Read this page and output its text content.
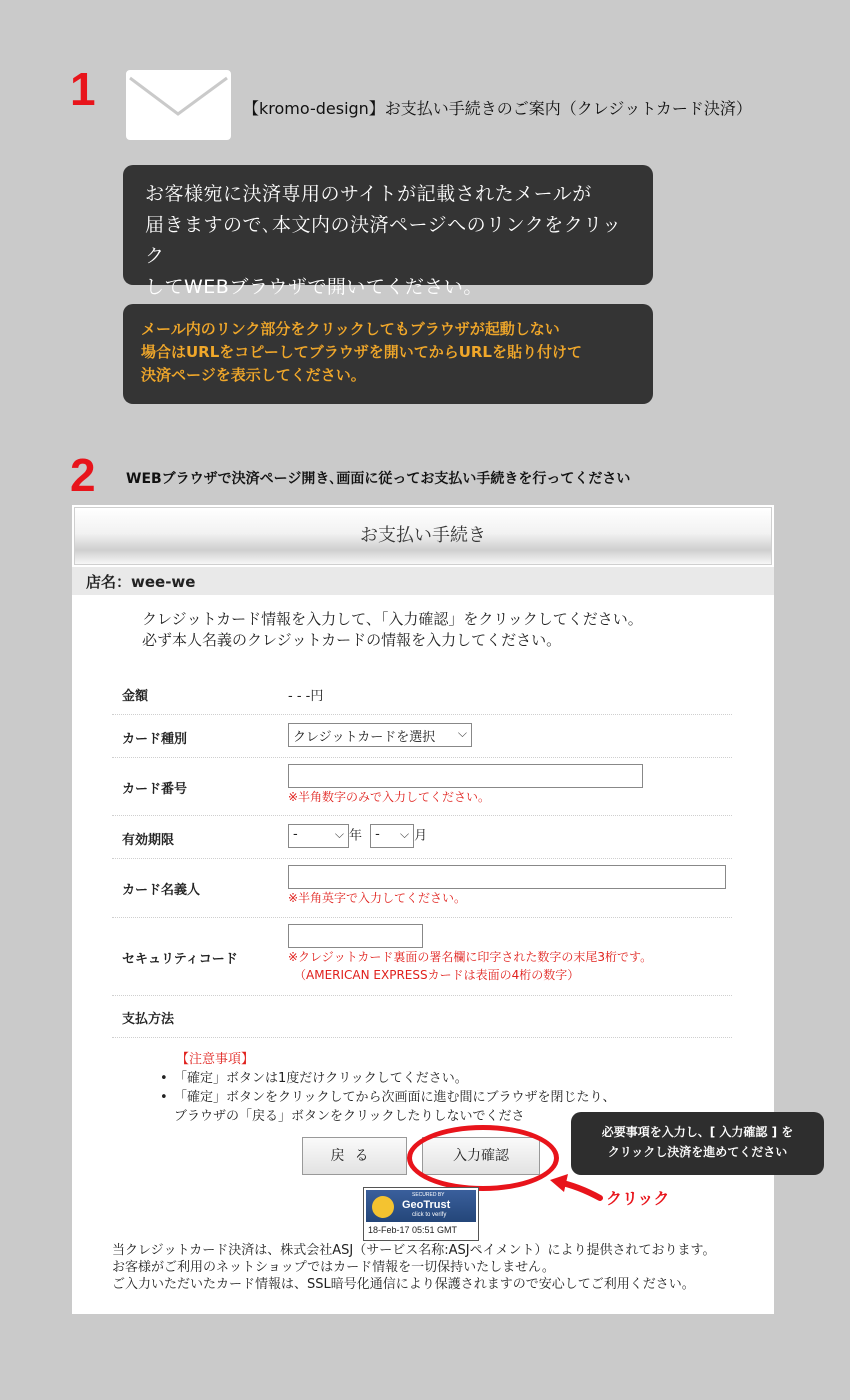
1	【kromo-design】お支払い手続きのご案内（クレジットカード決済）

お客様宛に決済専用のサイトが記載されたメールが

届きますので､本文内の決済ページへのリンクをクリック

してWEBブラウザで開いてください。

メール内のリンク部分をクリックしてもブラウザが起動しない

場合はURLをコピーしてブラウザを開いてからURLを貼り付けて

決済ページを表示してください。

2 WEBブラウザで決済ページ開き､画面に従ってお支払い手続きを行ってください
お支払い手続き
店名：wee-we
クレジットカード情報を入力して、「入力確認」をクリックしてください。
必ず本人名義のクレジットカードの情報を入力してください。
金額	- - -円
カード種別	クレジットカードを選択 ⌵
カード番号	※半角数字のみで入力してください。
有効期限	-	⌵ 年 - ⌵ 月
カード名義人	※半角英字で入力してください。
セキュリティコード	※クレジットカード裏面の署名欄に印字された数字の末尾3桁です。
（AMERICAN EXPRESSカードは表面の4桁の数字）
支払方法
【注意事項】
• 「確定」ボタンは1度だけクリックしてください。
• 「確定」ボタンをクリックしてから次画面に進む間にブラウザを閉じたり、
ブラウザの「戻る」ボタンをクリックしたりしないでくださ
戻る	入力確認
SECURED BY
GeoTrust
click to verify
18-Feb-17 05:51 GMT
当クレジットカード決済は、株式会社ASJ（サービス名称:ASJペイメント）により提供されております。
お客様がご利用のネットショップではカード情報を一切保持いたしません。
ご入力いただいたカード情報は、SSL暗号化通信により保護されますので安心してご利用ください。
必要事項を入力し、[ 入力確認 ] を
クリックし決済を進めてください
クリック
